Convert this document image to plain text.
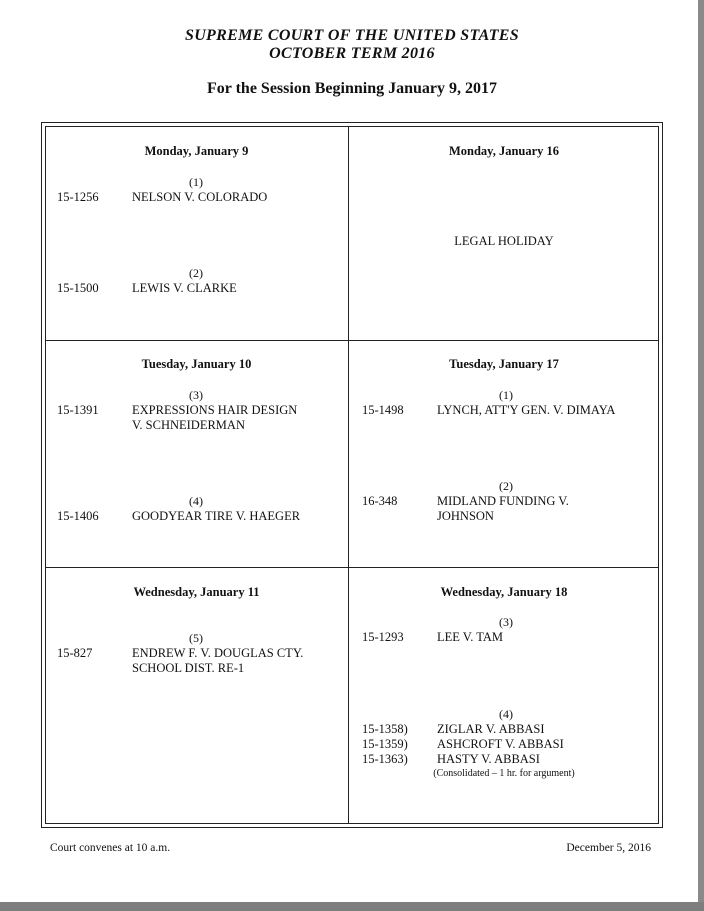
SUPREME COURT OF THE UNITED STATES
OCTOBER TERM 2016
For the Session Beginning January 9, 2017
Monday, January 9
(1)
15-1256	NELSON V. COLORADO
(2)
15-1500	LEWIS V. CLARKE
Monday, January 16
LEGAL HOLIDAY
Tuesday, January 10
(3)
15-1391	EXPRESSIONS HAIR DESIGN
V. SCHNEIDERMAN
(4)
15-1406	GOODYEAR TIRE V. HAEGER
Tuesday, January 17
(1)
15-1498	LYNCH, ATT'Y GEN. V. DIMAYA
(2)
16-348	MIDLAND FUNDING V.
JOHNSON
Wednesday, January 11
(5)
15-827	ENDREW F. V. DOUGLAS CTY.
SCHOOL DIST. RE-1
Wednesday, January 18
(3)
15-1293	LEE V. TAM
(4)
15-1358) ZIGLAR V. ABBASI
15-1359) ASHCROFT V. ABBASI
15-1363) HASTY V. ABBASI
(Consolidated – 1 hr. for argument)
Court convenes at 10 a.m.	December 5, 2016
